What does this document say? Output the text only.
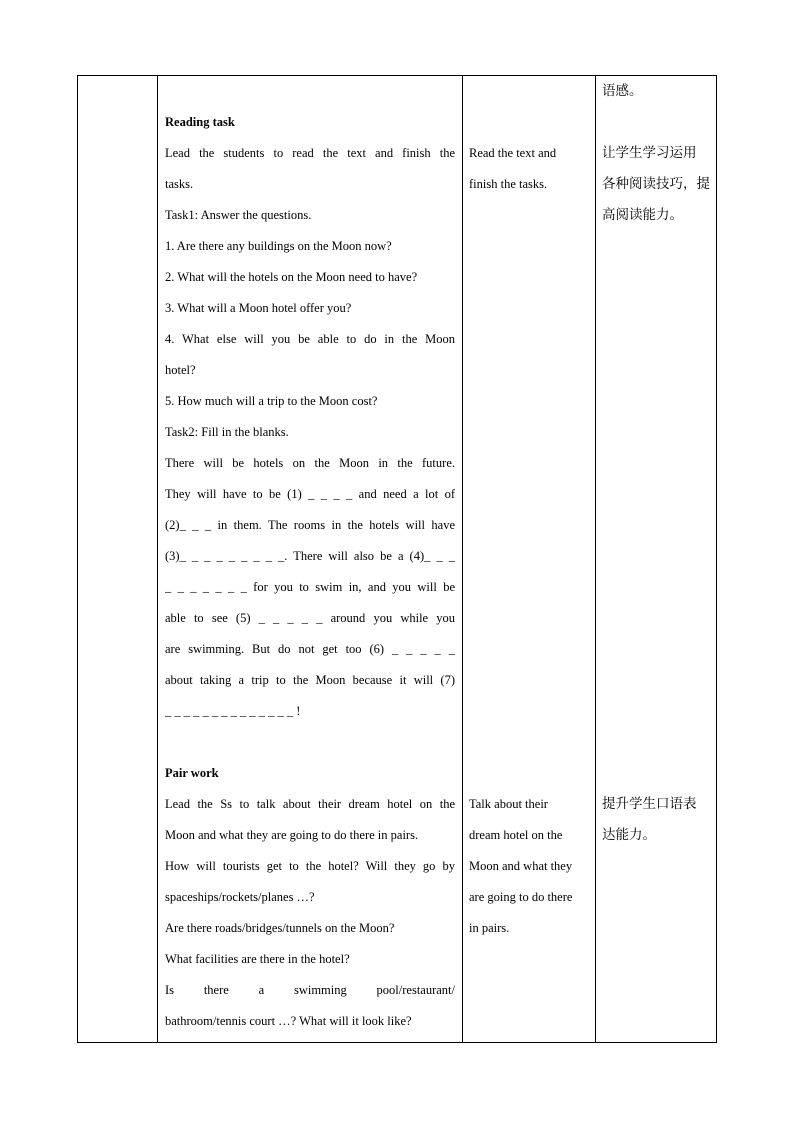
Reading task
Lead the students to read the text and finish the
tasks.
Task1: Answer the questions.
1. Are there any buildings on the Moon now?
2. What will the hotels on the Moon need to have?
3. What will a Moon hotel offer you?
4. What else will you be able to do in the Moon
hotel?
5. How much will a trip to the Moon cost?
Task2: Fill in the blanks.
There will be hotels on the Moon in the future.
They will have to be (1) _ _ _ _ and need a lot of
(2)_ _ _ in them. The rooms in the hotels will have
(3)_ _ _ _ _ _ _ _ _. There will also be a (4)_ _ _
_ _ _ _ _ _ _ for you to swim in, and you will be
able to see (5) _ _ _ _ _ around you while you
are swimming. But do not get too (6) _ _ _ _ _
about taking a trip to the Moon because it will (7)
_ _ _ _ _ _ _ _ _ _ _ _ _ _ !
Pair work
Lead the Ss to talk about their dream hotel on the
Moon and what they are going to do there in pairs.
How will tourists get to the hotel? Will they go by
spaceships/rockets/planes …?
Are there roads/bridges/tunnels on the Moon?
What facilities are there in the hotel?
Is there a swimming pool/restaurant/
bathroom/tennis court …? What will it look like?
Read the text and
finish the tasks.
Talk about their
dream hotel on the
Moon and what they
are going to do there
in pairs.
语感。
让学生学习运用
各种阅读技巧，提
高阅读能力。
提升学生口语表
达能力。
